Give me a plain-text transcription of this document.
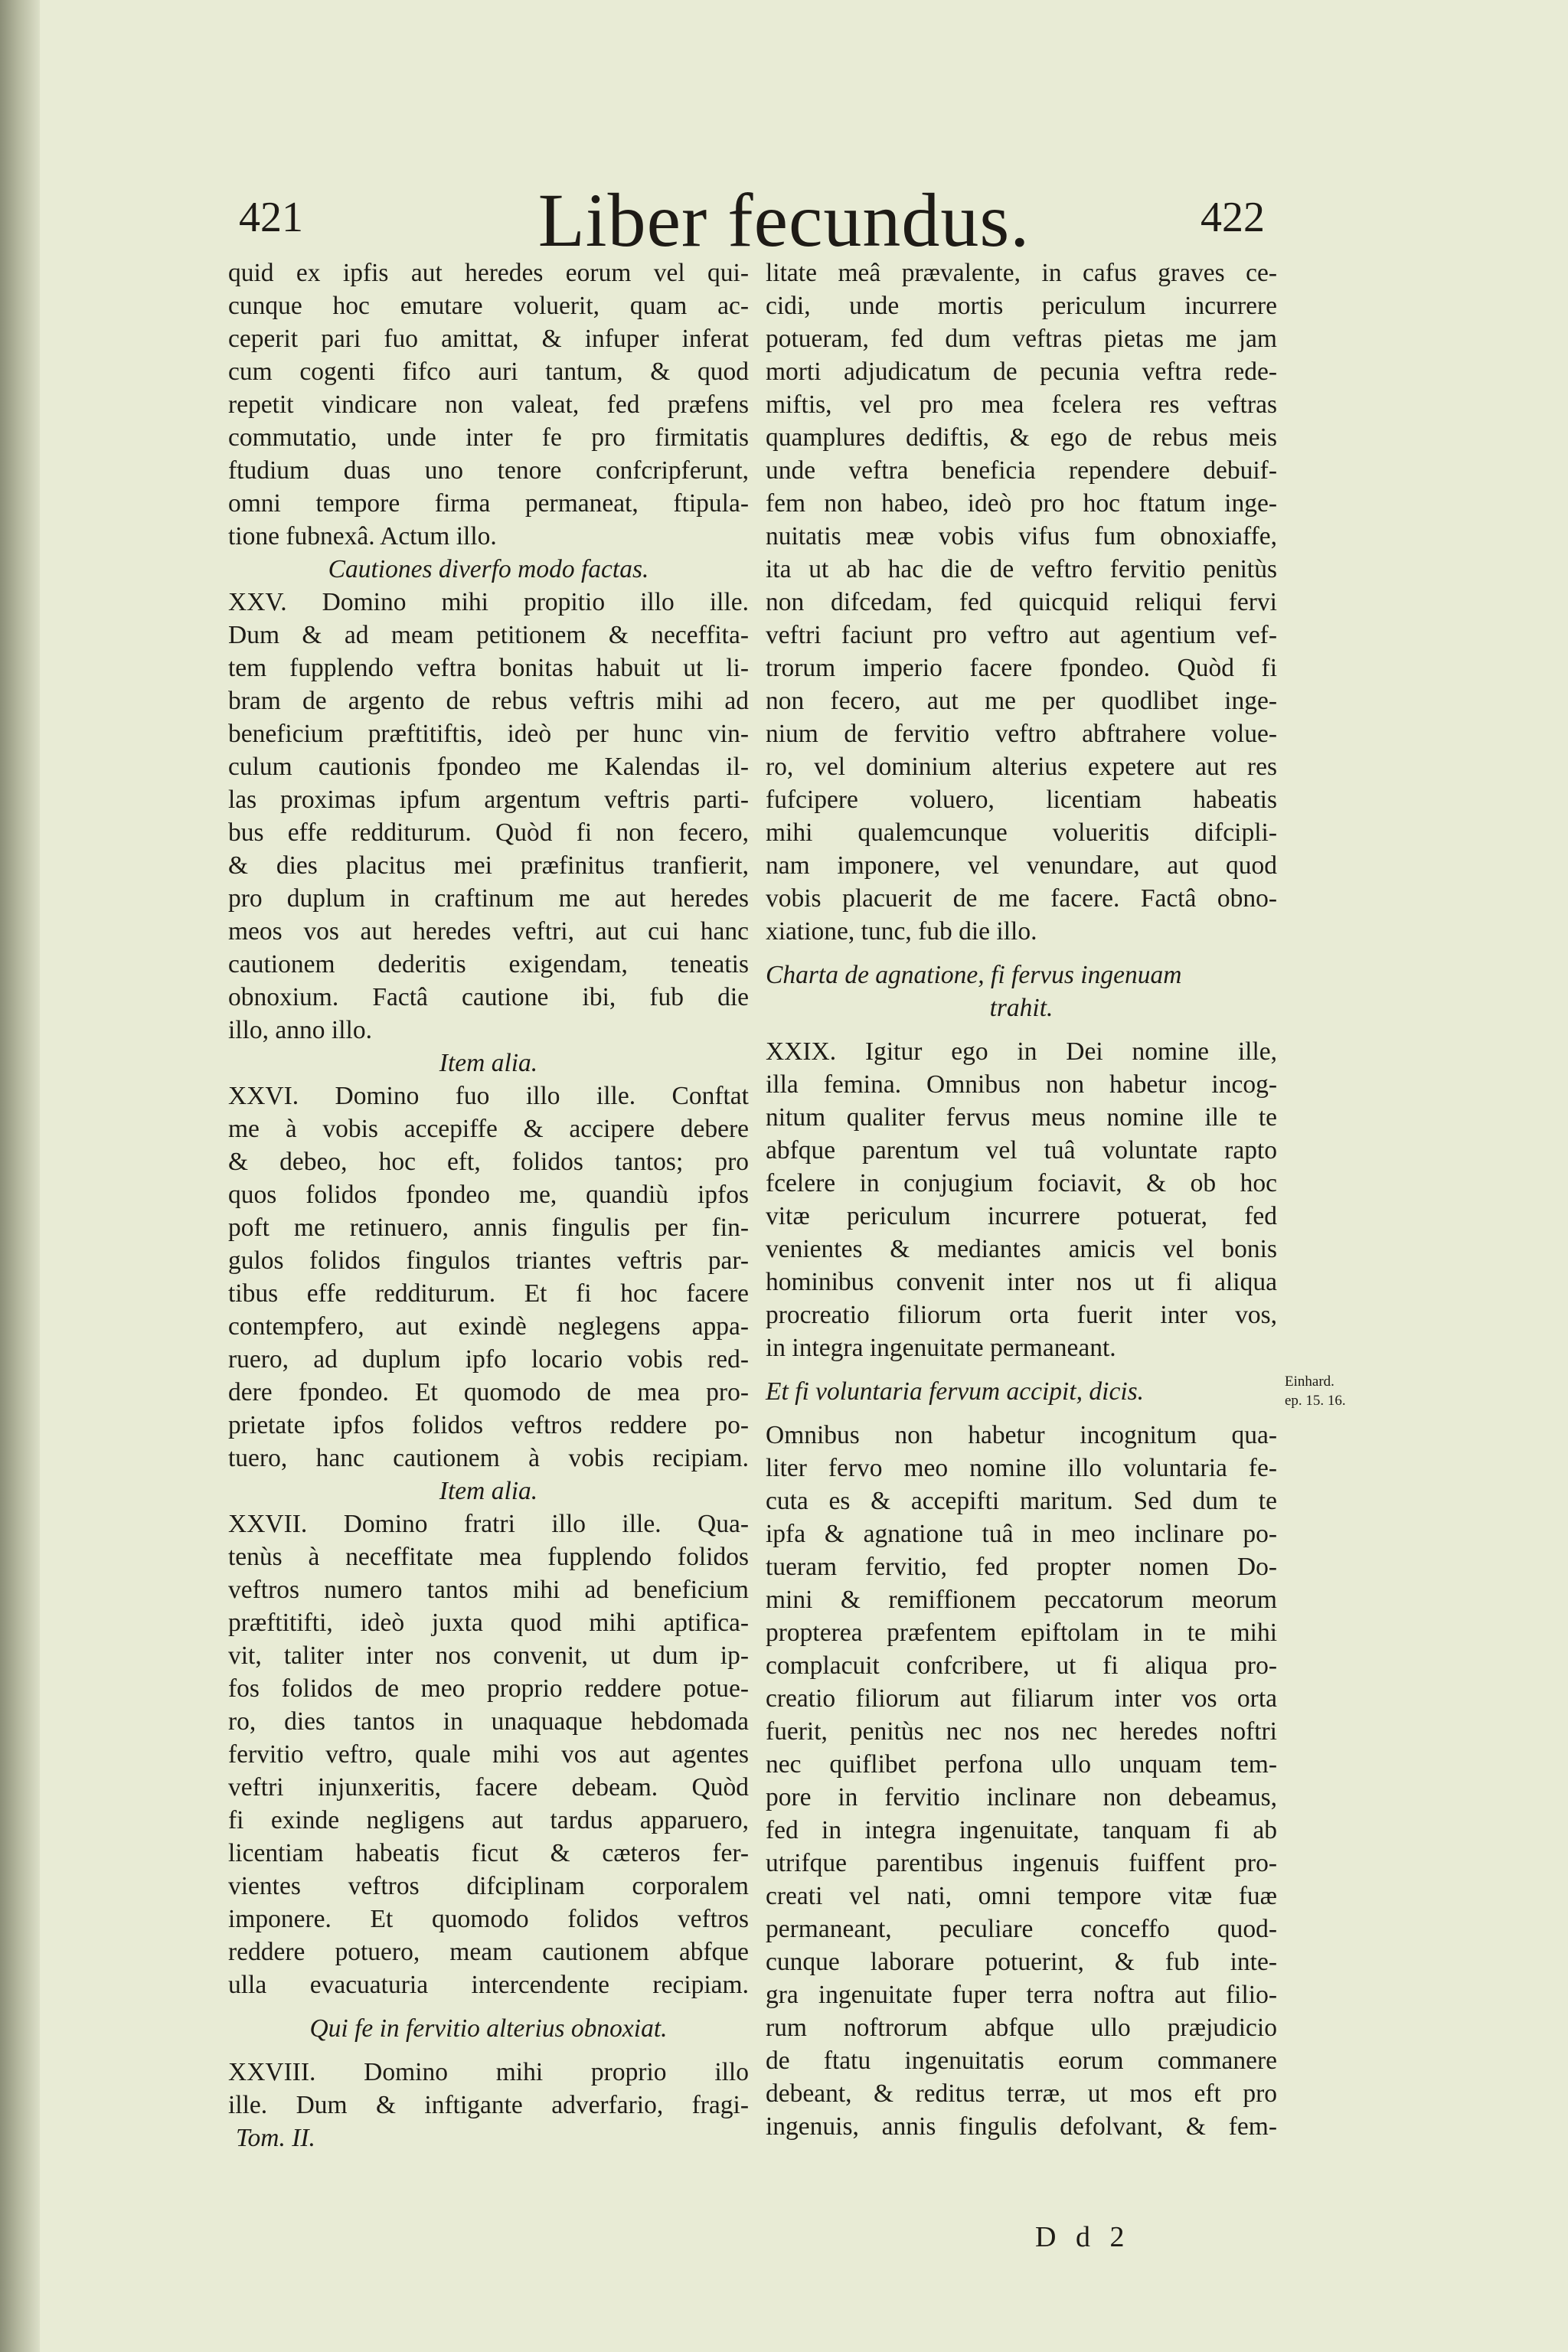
421	Liber fecundus.	422
quid ex ipfis aut heredes eorum vel qui-
cunque hoc emutare voluerit, quam ac-
ceperit pari fuo amittat, & infuper inferat
cum cogenti fifco auri tantum, & quod
repetit vindicare non valeat, fed præfens
commutatio, unde inter fe pro firmitatis
ftudium duas uno tenore confcripferunt,
omni tempore firma permaneat, ftipula-
tione fubnexâ. Actum illo.
Cautiones diverfo modo factas.
XXV. Domino mihi propitio illo ille.
Dum & ad meam petitionem & neceffita-
tem fupplendo veftra bonitas habuit ut li-
bram de argento de rebus veftris mihi ad
beneficium præftitiftis, ideò per hunc vin-
culum cautionis fpondeo me Kalendas il-
las proximas ipfum argentum veftris parti-
bus effe redditurum. Quòd fi non fecero,
& dies placitus mei præfinitus tranfierit,
pro duplum in craftinum me aut heredes
meos vos aut heredes veftri, aut cui hanc
cautionem dederitis exigendam, teneatis
obnoxium. Factâ cautione ibi, fub die
illo, anno illo.
Item alia.
XXVI. Domino fuo illo ille. Conftat
me à vobis accepiffe & accipere debere
& debeo, hoc eft, folidos tantos; pro
quos folidos fpondeo me, quandiù ipfos
poft me retinuero, annis fingulis per fin-
gulos folidos fingulos triantes veftris par-
tibus effe redditurum. Et fi hoc facere
contempfero, aut exindè neglegens appa-
ruero, ad duplum ipfo locario vobis red-
dere fpondeo. Et quomodo de mea pro-
prietate ipfos folidos veftros reddere po-
tuero, hanc cautionem à vobis recipiam.
Item alia.
XXVII. Domino fratri illo ille. Qua-
tenùs à neceffitate mea fupplendo folidos
veftros numero tantos mihi ad beneficium
præftitifti, ideò juxta quod mihi aptifica-
vit, taliter inter nos convenit, ut dum ip-
fos folidos de meo proprio reddere potue-
ro, dies tantos in unaquaque hebdomada
fervitio veftro, quale mihi vos aut agentes
veftri injunxeritis, facere debeam. Quòd
fi exinde negligens aut tardus apparuero,
licentiam habeatis ficut & cæteros fer-
vientes veftros difciplinam corporalem
imponere. Et quomodo folidos veftros
reddere potuero, meam cautionem abfque
ulla evacuaturia intercendente recipiam.
Qui fe in fervitio alterius obnoxiat.
XXVIII. Domino mihi proprio illo
ille. Dum & inftigante adverfario, fragi-
Tom. II.
litate meâ prævalente, in cafus graves ce-
cidi, unde mortis periculum incurrere
potueram, fed dum veftras pietas me jam
morti adjudicatum de pecunia veftra rede-
miftis, vel pro mea fcelera res veftras
quamplures dediftis, & ego de rebus meis
unde veftra beneficia rependere debuif-
fem non habeo, ideò pro hoc ftatum inge-
nuitatis meæ vobis vifus fum obnoxiaffe,
ita ut ab hac die de veftro fervitio penitùs
non difcedam, fed quicquid reliqui fervi
veftri faciunt pro veftro aut agentium vef-
trorum imperio facere fpondeo. Quòd fi
non fecero, aut me per quodlibet inge-
nium de fervitio veftro abftrahere volue-
ro, vel dominium alterius expetere aut res
fufcipere voluero, licentiam habeatis
mihi qualemcunque volueritis difcipli-
nam imponere, vel venundare, aut quod
vobis placuerit de me facere. Factâ obno-
xiatione, tunc, fub die illo.
Charta de agnatione, fi fervus ingenuam
trahit.
XXIX. Igitur ego in Dei nomine ille,
illa femina. Omnibus non habetur incog-
nitum qualiter fervus meus nomine ille te
abfque parentum vel tuâ voluntate rapto
fcelere in conjugium fociavit, & ob hoc
vitæ periculum incurrere potuerat, fed
venientes & mediantes amicis vel bonis
hominibus convenit inter nos ut fi aliqua
procreatio filiorum orta fuerit inter vos,
in integra ingenuitate permaneant.
Et fi voluntaria fervum accipit, dicis.
Omnibus non habetur incognitum qua-
liter fervo meo nomine illo voluntaria fe-
cuta es & accepifti maritum. Sed dum te
ipfa & agnatione tuâ in meo inclinare po-
tueram fervitio, fed propter nomen Do-
mini & remiffionem peccatorum meorum
propterea præfentem epiftolam in te mihi
complacuit confcribere, ut fi aliqua pro-
creatio filiorum aut filiarum inter vos orta
fuerit, penitùs nec nos nec heredes noftri
nec quiflibet perfona ullo unquam tem-
pore in fervitio inclinare non debeamus,
fed in integra ingenuitate, tanquam fi ab
utrifque parentibus ingenuis fuiffent pro-
creati vel nati, omni tempore vitæ fuæ
permaneant, peculiare conceffo quod-
cunque laborare potuerint, & fub inte-
gra ingenuitate fuper terra noftra aut filio-
rum noftrorum abfque ullo præjudicio
de ftatu ingenuitatis eorum commanere
debeant, & reditus terræ, ut mos eft pro
ingenuis, annis fingulis defolvant, & fem-
Einhard.
ep. 15. 16.
D d 2
